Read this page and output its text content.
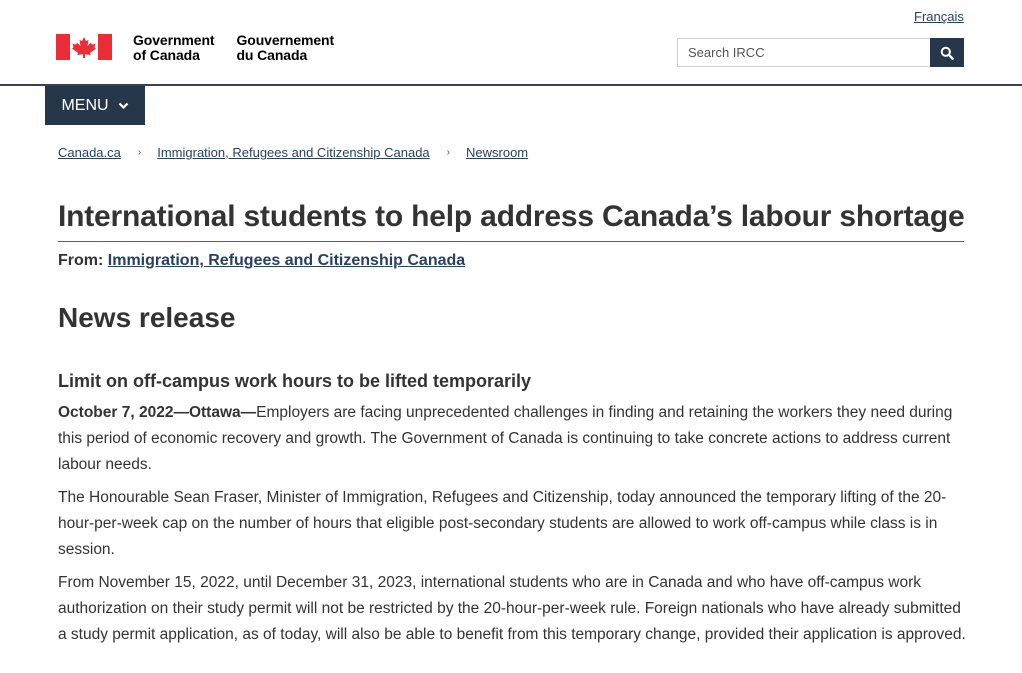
Français
Government
of Canada
Gouvernement
du Canada
Search IRCC
MENU
Canada.ca › Immigration, Refugees and Citizenship Canada › Newsroom
International students to help address Canada’s labour shortage
From: Immigration, Refugees and Citizenship Canada
News release
Limit on off-campus work hours to be lifted temporarily

October 7, 2022—Ottawa—Employers are facing unprecedented challenges in finding and retaining the workers they need during this period of economic recovery and growth. The Government of Canada is continuing to take concrete actions to address current labour needs.

The Honourable Sean Fraser, Minister of Immigration, Refugees and Citizenship, today announced the temporary lifting of the 20-hour-per-week cap on the number of hours that eligible post-secondary students are allowed to work off-campus while class is in session.

From November 15, 2022, until December 31, 2023, international students who are in Canada and who have off-campus work authorization on their study permit will not be restricted by the 20-hour-per-week rule. Foreign nationals who have already submitted a study permit application, as of today, will also be able to benefit from this temporary change, provided their application is approved.
